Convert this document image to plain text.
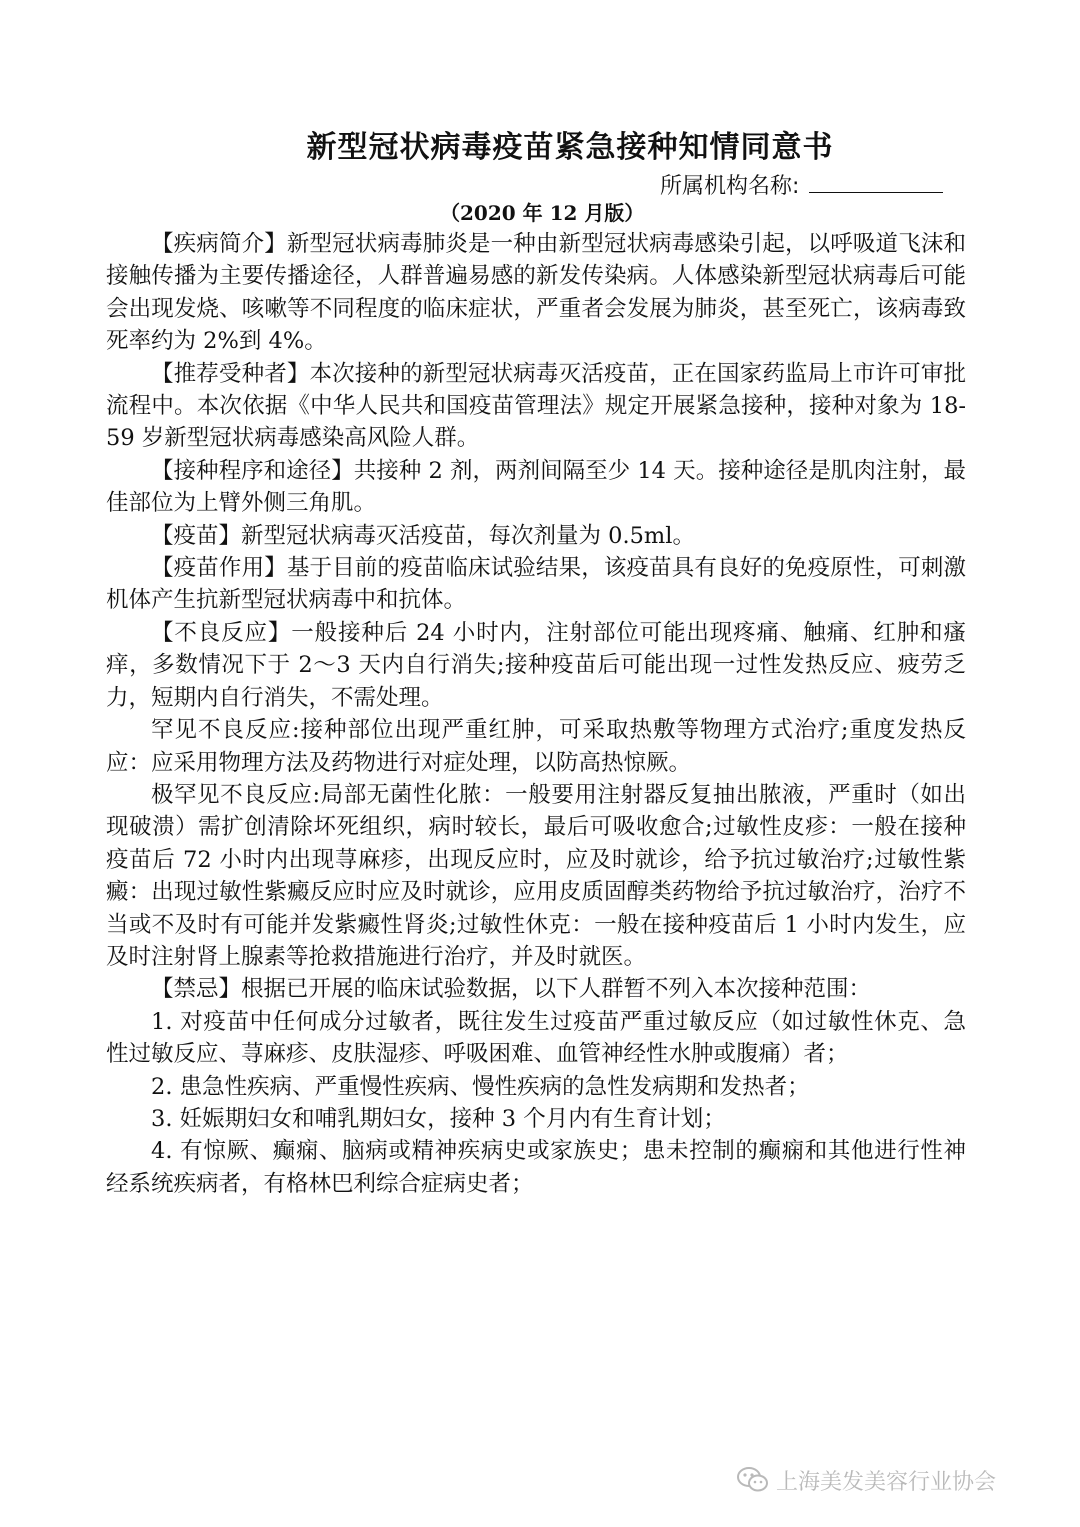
新型冠状病毒疫苗紧急接种知情同意书
所属机构名称:
（2020 年 12 月版）

【疾病简介】新型冠状病毒肺炎是一种由新型冠状病毒感染引起，以呼吸道飞沫和接触传播为主要传播途径，人群普遍易感的新发传染病。人体感染新型冠状病毒后可能会出现发烧、咳嗽等不同程度的临床症状，严重者会发展为肺炎，甚至死亡，该病毒致死率约为 2%到 4%。

【推荐受种者】本次接种的新型冠状病毒灭活疫苗，正在国家药监局上市许可审批流程中。本次依据《中华人民共和国疫苗管理法》规定开展紧急接种，接种对象为 18-59 岁新型冠状病毒感染高风险人群。

【接种程序和途径】共接种 2 剂，两剂间隔至少 14 天。接种途径是肌肉注射，最佳部位为上臂外侧三角肌。

【疫苗】新型冠状病毒灭活疫苗，每次剂量为 0.5ml。

【疫苗作用】基于目前的疫苗临床试验结果，该疫苗具有良好的免疫原性，可刺激机体产生抗新型冠状病毒中和抗体。

【不良反应】一般接种后 24 小时内，注射部位可能出现疼痛、触痛、红肿和瘙痒，多数情况下于 2～3 天内自行消失;接种疫苗后可能出现一过性发热反应、疲劳乏力，短期内自行消失，不需处理。

罕见不良反应:接种部位出现严重红肿，可采取热敷等物理方式治疗;重度发热反应：应采用物理方法及药物进行对症处理，以防高热惊厥。

极罕见不良反应:局部无菌性化脓：一般要用注射器反复抽出脓液，严重时（如出现破溃）需扩创清除坏死组织，病时较长，最后可吸收愈合;过敏性皮疹：一般在接种疫苗后 72 小时内出现荨麻疹，出现反应时，应及时就诊，给予抗过敏治疗;过敏性紫癜：出现过敏性紫癜反应时应及时就诊，应用皮质固醇类药物给予抗过敏治疗，治疗不当或不及时有可能并发紫癜性肾炎;过敏性休克：一般在接种疫苗后 1 小时内发生，应及时注射肾上腺素等抢救措施进行治疗，并及时就医。

【禁忌】根据已开展的临床试验数据，以下人群暂不列入本次接种范围：

1. 对疫苗中任何成分过敏者，既往发生过疫苗严重过敏反应（如过敏性休克、急性过敏反应、荨麻疹、皮肤湿疹、呼吸困难、血管神经性水肿或腹痛）者；

2. 患急性疾病、严重慢性疾病、慢性疾病的急性发病期和发热者；

3. 妊娠期妇女和哺乳期妇女，接种 3 个月内有生育计划；

4. 有惊厥、癫痫、脑病或精神疾病史或家族史；患未控制的癫痫和其他进行性神经系统疾病者，有格林巴利综合症病史者；

上海美发美容行业协会
